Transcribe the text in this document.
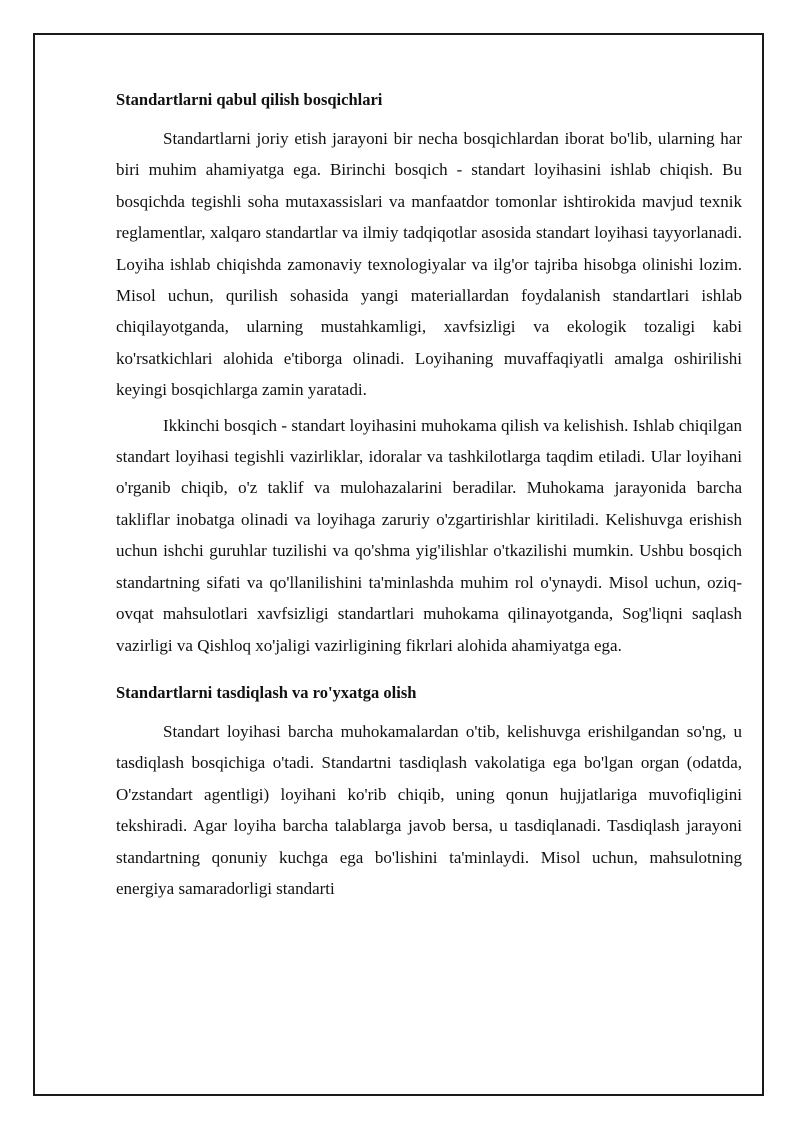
Standartlarni qabul qilish bosqichlari

Standartlarni joriy etish jarayoni bir necha bosqichlardan iborat bo'lib, ularning har biri muhim ahamiyatga ega. Birinchi bosqich - standart loyihasini ishlab chiqish. Bu bosqichda tegishli soha mutaxassislari va manfaatdor tomonlar ishtirokida mavjud texnik reglamentlar, xalqaro standartlar va ilmiy tadqiqotlar asosida standart loyihasi tayyorlanadi. Loyiha ishlab chiqishda zamonaviy texnologiyalar va ilg'or tajriba hisobga olinishi lozim. Misol uchun, qurilish sohasida yangi materiallardan foydalanish standartlari ishlab chiqilayotganda, ularning mustahkamligi, xavfsizligi va ekologik tozaligi kabi ko'rsatkichlari alohida e'tiborga olinadi. Loyihaning muvaffaqiyatli amalga oshirilishi keyingi bosqichlarga zamin yaratadi.

Ikkinchi bosqich - standart loyihasini muhokama qilish va kelishish. Ishlab chiqilgan standart loyihasi tegishli vazirliklar, idoralar va tashkilotlarga taqdim etiladi. Ular loyihani o'rganib chiqib, o'z taklif va mulohazalarini beradilar. Muhokama jarayonida barcha takliflar inobatga olinadi va loyihaga zaruriy o'zgartirishlar kiritiladi. Kelishuvga erishish uchun ishchi guruhlar tuzilishi va qo'shma yig'ilishlar o'tkazilishi mumkin. Ushbu bosqich standartning sifati va qo'llanilishini ta'minlashda muhim rol o'ynaydi. Misol uchun, oziq-ovqat mahsulotlari xavfsizligi standartlari muhokama qilinayotganda, Sog'liqni saqlash vazirligi va Qishloq xo'jaligi vazirligining fikrlari alohida ahamiyatga ega.

Standartlarni tasdiqlash va ro'yxatga olish

Standart loyihasi barcha muhokamalardan o'tib, kelishuvga erishilgandan so'ng, u tasdiqlash bosqichiga o'tadi. Standartni tasdiqlash vakolatiga ega bo'lgan organ (odatda, O'zstandart agentligi) loyihani ko'rib chiqib, uning qonun hujjatlariga muvofiqligini tekshiradi. Agar loyiha barcha talablarga javob bersa, u tasdiqlanadi. Tasdiqlash jarayoni standartning qonuniy kuchga ega bo'lishini ta'minlaydi. Misol uchun, mahsulotning energiya samaradorligi standarti
